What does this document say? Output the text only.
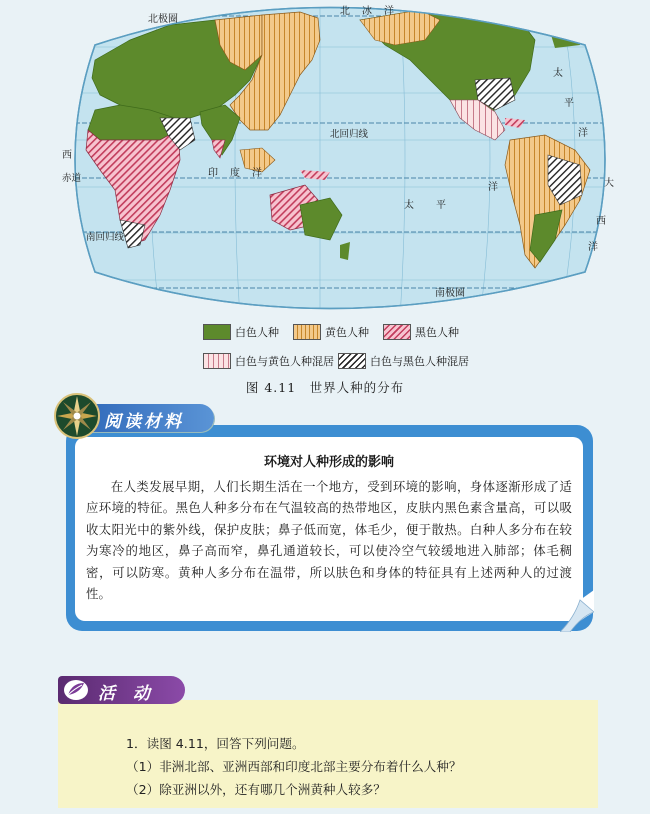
北极圈
北　冰　洋
太
平
洋
北回归线
西
印　度　洋
赤道
南回归线
太 平
洋	大
西
洋
南极圈
白色人种	黄色人种	黑色人种
白色与黄色人种混居	白色与黑色人种混居
图 4.11　世界人种的分布
阅读材料
环境对人种形成的影响
在人类发展早期，人们长期生活在一个地方，受到环境的影响，身体逐渐形成了适应环境的特征。黑色人种多分布在气温较高的热带地区，皮肤内黑色素含量高，可以吸收太阳光中的紫外线，保护皮肤；鼻子低而宽，体毛少，便于散热。白种人多分布在较为寒冷的地区，鼻子高而窄，鼻孔通道较长，可以使冷空气较缓地进入肺部；体毛稠密，可以防寒。黄种人多分布在温带，所以肤色和身体的特征具有上述两种人的过渡性。
活 动
1．读图 4.11，回答下列问题。
（1）非洲北部、亚洲西部和印度北部主要分布着什么人种？
（2）除亚洲以外，还有哪几个洲黄种人较多？
